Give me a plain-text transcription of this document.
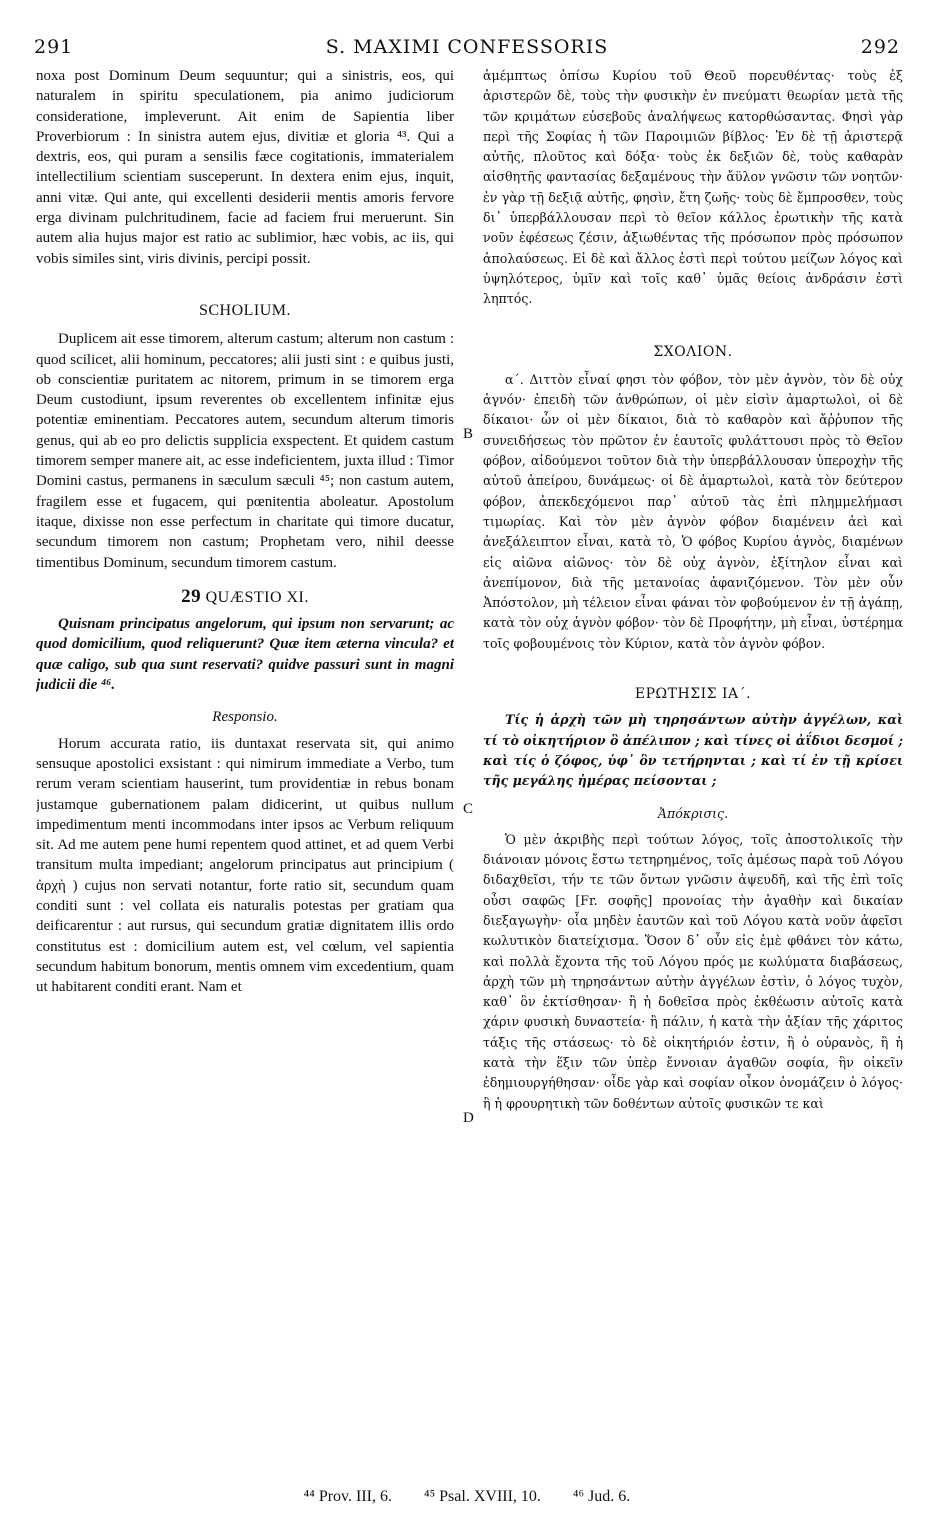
S. MAXIMI CONFESSORIS
291	292

noxa post Dominum Deum sequuntur; qui a sinistris, eos, qui naturalem in spiritu speculationem, pia animo judiciorum consideratione, impleverunt. Ait enim de Sapientia liber Proverbiorum : In sinistra autem ejus, divitiæ et gloria ⁴³. Qui a dextris, eos, qui puram a sensilis fæce cogitationis, immaterialem intellectilium scientiam susceperunt. In dextera enim ejus, inquit, anni vitæ. Qui ante, qui excellenti desiderii mentis amoris fervore erga divinam pulchritudinem, facie ad faciem frui meruerunt. Sin autem alia hujus major est ratio ac sublimior, hæc vobis, ac iis, qui vobis similes sint, viris divinis, percipi possit.

SCHOLIUM.

Duplicem ait esse timorem, alterum castum; alterum non castum : quod scilicet, alii hominum, peccatores; alii justi sint : e quibus justi, ob conscientiæ puritatem ac nitorem, primum in se timorem erga Deum custodiunt, ipsum reverentes ob excellentem infinitæ ejus potentiæ eminentiam. Peccatores autem, secundum alterum timoris genus, qui ab eo pro delictis supplicia exspectent. Et quidem castum timorem semper manere ait, ac esse indeficientem, juxta illud : Timor Domini castus, permanens in sæculum sæculi ⁴⁵; non castum autem, fragilem esse et fugacem, qui pœnitentia aboleatur. Apostolum itaque, dixisse non esse perfectum in charitate qui timore ducatur, secundum timorem non castum; Prophetam vero, nihil deesse timentibus Dominum, secundum timorem castum.

29 QUÆSTIO XI.

Quisnam principatus angelorum, qui ipsum non servarunt; ac quod domicilium, quod reliquerunt? Quæ item æterna vincula? et quæ caligo, sub qua sunt reservati? quidve passuri sunt in magni judicii die ⁴⁶.

Responsio.

Horum accurata ratio, iis duntaxat reservata sit, qui animo sensuque apostolici exsistant : qui nimirum immediate a Verbo, tum rerum veram scientiam hauserint, tum providentiæ in rebus bonam justamque gubernationem palam didicerint, ut quibus nullum impedimentum menti incommodans inter ipsos ac Verbum reliquum sit. Ad me autem pene humi repentem quod attinet, et ad quem Verbi transitum multa impediant; angelorum principatus aut principium ( ἀρχὴ ) cujus non servati notantur, forte ratio sit, secundum quam conditi sunt : vel collata eis naturalis potestas per gratiam qua deificarentur : aut rursus, qui secundum gratiæ dignitatem illis ordo constitutus est : domicilium autem est, vel cœlum, vel sapientia secundum habitum bonorum, mentis omnem vim excedentium, quam ut habitarent conditi erant. Nam et

ἀμέμπτως ὀπίσω Κυρίου τοῦ Θεοῦ πορευθέντας· τοὺς ἐξ ἀριστερῶν δὲ, τοὺς τὴν φυσικὴν ἐν πνεύματι θεωρίαν μετὰ τῆς τῶν κριμάτων εὐσεβοῦς ἀναλήψεως κατορθώσαντας. Φησὶ γὰρ περὶ τῆς Σοφίας ἡ τῶν Παροιμιῶν βίβλος· Ἐν δὲ τῇ ἀριστερᾷ αὐτῆς, πλοῦτος καὶ δόξα· τοὺς ἐκ δεξιῶν δὲ, τοὺς καθαρὰν αἰσθητῆς φαντασίας δεξαμένους τὴν ἄϋλον γνῶσιν τῶν νοητῶν· ἐν γὰρ τῇ δεξιᾷ αὐτῆς, φησὶν, ἔτη ζωῆς· τοὺς δὲ ἔμπροσθεν, τοὺς δι᾽ ὑπερβάλλουσαν περὶ τὸ θεῖον κάλλος ἐρωτικὴν τῆς κατὰ νοῦν ἐφέσεως ζέσιν, ἀξιωθέντας τῆς πρόσωπον πρὸς πρόσωπον ἀπολαύσεως. Εἰ δὲ καὶ ἄλλος ἐστὶ περὶ τούτου μείζων λόγος καὶ ὑψηλότερος, ὑμῖν καὶ τοῖς καθ᾽ ὑμᾶς θείοις ἀνδράσιν ἐστὶ ληπτός.

ΣΧΟΛΙΟΝ.

α΄. Διττὸν εἶναί φησι τὸν φόβον, τὸν μὲν ἁγνὸν, τὸν δὲ οὐχ ἁγνόν· ἐπειδὴ τῶν ἀνθρώπων, οἱ μὲν εἰσὶν ἁμαρτωλοὶ, οἱ δὲ δίκαιοι· ὧν οἱ μὲν δίκαιοι, διὰ τὸ καθαρὸν καὶ ἄῤῥυπον τῆς συνειδήσεως τὸν πρῶτον ἐν ἑαυτοῖς φυλάττουσι πρὸς τὸ Θεῖον φόβον, αἰδούμενοι τοῦτον διὰ τὴν ὑπερβάλλουσαν ὑπεροχὴν τῆς αὐτοῦ ἀπείρου, δυνάμεως· οἱ δὲ ἁμαρτωλοὶ, κατὰ τὸν δεύτερον φόβον, ἀπεκδεχόμενοι παρ᾽ αὐτοῦ τὰς ἐπὶ πλημμελήμασι τιμωρίας. Καὶ τὸν μὲν ἁγνὸν φόβον διαμένειν ἀεὶ καὶ ἀνεξάλειπτον εἶναι, κατὰ τὸ, Ὁ φόβος Κυρίου ἁγνὸς, διαμένων εἰς αἰῶνα αἰῶνος· τὸν δὲ οὐχ ἁγνὸν, ἐξίτηλον εἶναι καὶ ἀνεπίμονον, διὰ τῆς μετανοίας ἀφανιζόμενον. Τὸν μὲν οὖν Ἀπόστολον, μὴ τέλειον εἶναι φάναι τὸν φοβούμενον ἐν τῇ ἀγάπῃ, κατὰ τὸν οὐχ ἁγνὸν φόβον· τὸν δὲ Προφήτην, μὴ εἶναι, ὑστέρημα τοῖς φοβουμένοις τὸν Κύριον, κατὰ τὸν ἁγνὸν φόβον.

ΕΡΩΤΗΣΙΣ ΙΑ΄.

Τίς ἡ ἀρχὴ τῶν μὴ τηρησάντων αὐτὴν ἀγγέλων, καὶ τί τὸ οἰκητήριον ὃ ἀπέλιπον ; καὶ τίνες οἱ ἀΐδιοι δεσμοί ; καὶ τίς ὁ ζόφος, ὑφ᾽ ὃν τετήρηνται ; καὶ τί ἐν τῇ κρίσει τῆς μεγάλης ἡμέρας πείσονται ;

Ἀπόκρισις.

Ὁ μὲν ἀκριβὴς περὶ τούτων λόγος, τοῖς ἀποστολικοῖς τὴν διάνοιαν μόνοις ἔστω τετηρημένος, τοῖς ἀμέσως παρὰ τοῦ Λόγου διδαχθεῖσι, τήν τε τῶν ὄντων γνῶσιν ἀψευδῆ, καὶ τῆς ἐπὶ τοῖς οὖσι σαφῶς [Fr. σοφῆς] προνοίας τὴν ἀγαθὴν καὶ δικαίαν διεξαγωγὴν· οἷα μηδὲν ἑαυτῶν καὶ τοῦ Λόγου κατὰ νοῦν ἀφεῖσι κωλυτικὸν διατείχισμα. Ὅσον δ᾽ οὖν εἰς ἐμὲ φθάνει τὸν κάτω, καὶ πολλὰ ἔχοντα τῆς τοῦ Λόγου πρός με κωλύματα διαβάσεως, ἀρχὴ τῶν μὴ τηρησάντων αὐτὴν ἀγγέλων ἐστὶν, ὁ λόγος τυχὸν, καθ᾽ ὃν ἐκτίσθησαν· ἢ ἡ δοθεῖσα πρὸς ἐκθέωσιν αὐτοῖς κατὰ χάριν φυσικὴ δυναστεία· ἢ πάλιν, ἡ κατὰ τὴν ἀξίαν τῆς χάριτος τάξις τῆς στάσεως· τὸ δὲ οἰκητήριόν ἐστιν, ἢ ὁ οὐρανὸς, ἢ ἡ κατὰ τὴν ἕξιν τῶν ὑπὲρ ἔννοιαν ἀγαθῶν σοφία, ἣν οἰκεῖν ἐδημιουργήθησαν· οἶδε γὰρ καὶ σοφίαν οἶκον ὀνομάζειν ὁ λόγος· ἢ ἡ φρουρητικὴ τῶν δοθέντων αὐτοῖς φυσικῶν τε καὶ

B
C
D
⁴⁴ Prov. III, 6. ⁴⁵ Psal. XVIII, 10. ⁴⁶ Jud. 6.
